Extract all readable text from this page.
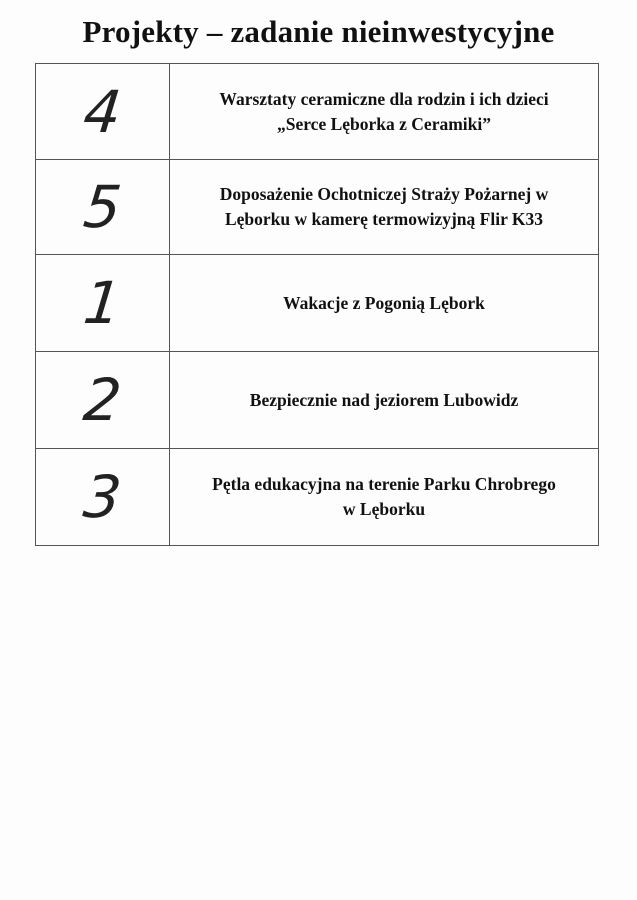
Projekty – zadanie nieinwestycyjne
4	Warsztaty ceramiczne dla rodzin i ich dzieci
„Serce Lęborka z Ceramiki”

5	Doposażenie Ochotniczej Straży Pożarnej w
Lęborku w kamerę termowizyjną Flir K33

1	Wakacje z Pogonią Lębork

2	Bezpiecznie nad jeziorem Lubowidz

3	Pętla edukacyjna na terenie Parku Chrobrego
w Lęborku
